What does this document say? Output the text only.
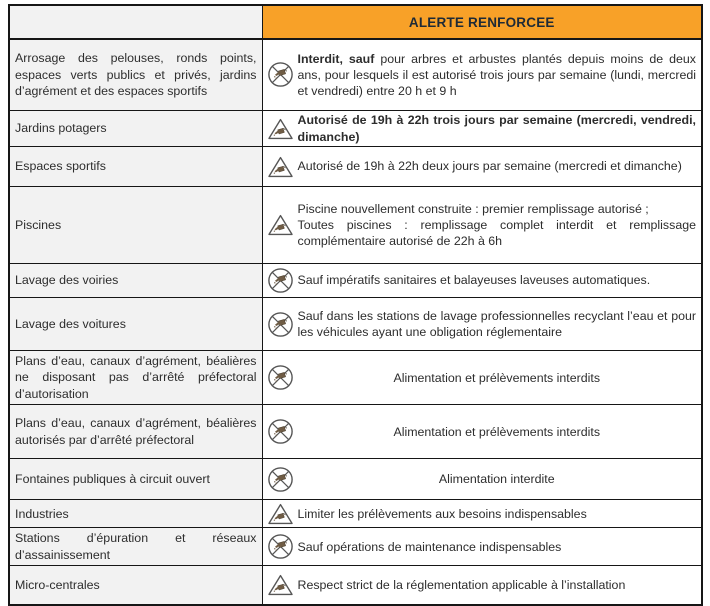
	ALERTE RENFORCEE

Arrosage des pelouses, ronds points, espaces verts publics et privés, jardins d’agrément et des espaces sportifs	Interdit, sauf pour arbres et arbustes plantés depuis moins de deux ans, pour lesquels il est autorisé trois jours par semaine (lundi, mercredi et vendredi) entre 20 h et 9 h

Jardins potagers	Autorisé de 19h à 22h trois jours par semaine (mercredi, vendredi, dimanche)

Espaces sportifs	Autorisé de 19h à 22h deux jours par semaine (mercredi et dimanche)

Piscines	Piscine nouvellement construite : premier remplissage autorisé ;
Toutes piscines : remplissage complet interdit et remplissage complémentaire autorisé de 22h à 6h

Lavage des voiries	Sauf impératifs sanitaires et balayeuses laveuses automatiques.

Lavage des voitures	Sauf dans les stations de lavage professionnelles recyclant l’eau et pour les véhicules ayant une obligation réglementaire

Plans d’eau, canaux d’agrément, béalières ne disposant pas d’arrêté préfectoral d’autorisation	Alimentation et prélèvements interdits

Plans d’eau, canaux d’agrément, béalières autorisés par d’arrêté préfectoral	Alimentation et prélèvements interdits

Fontaines publiques à circuit ouvert	Alimentation interdite

Industries	Limiter les prélèvements aux besoins indispensables

Stations d’épuration et réseaux d’assainissement	Sauf opérations de maintenance indispensables

Micro-centrales	Respect strict de la réglementation applicable à l’installation
